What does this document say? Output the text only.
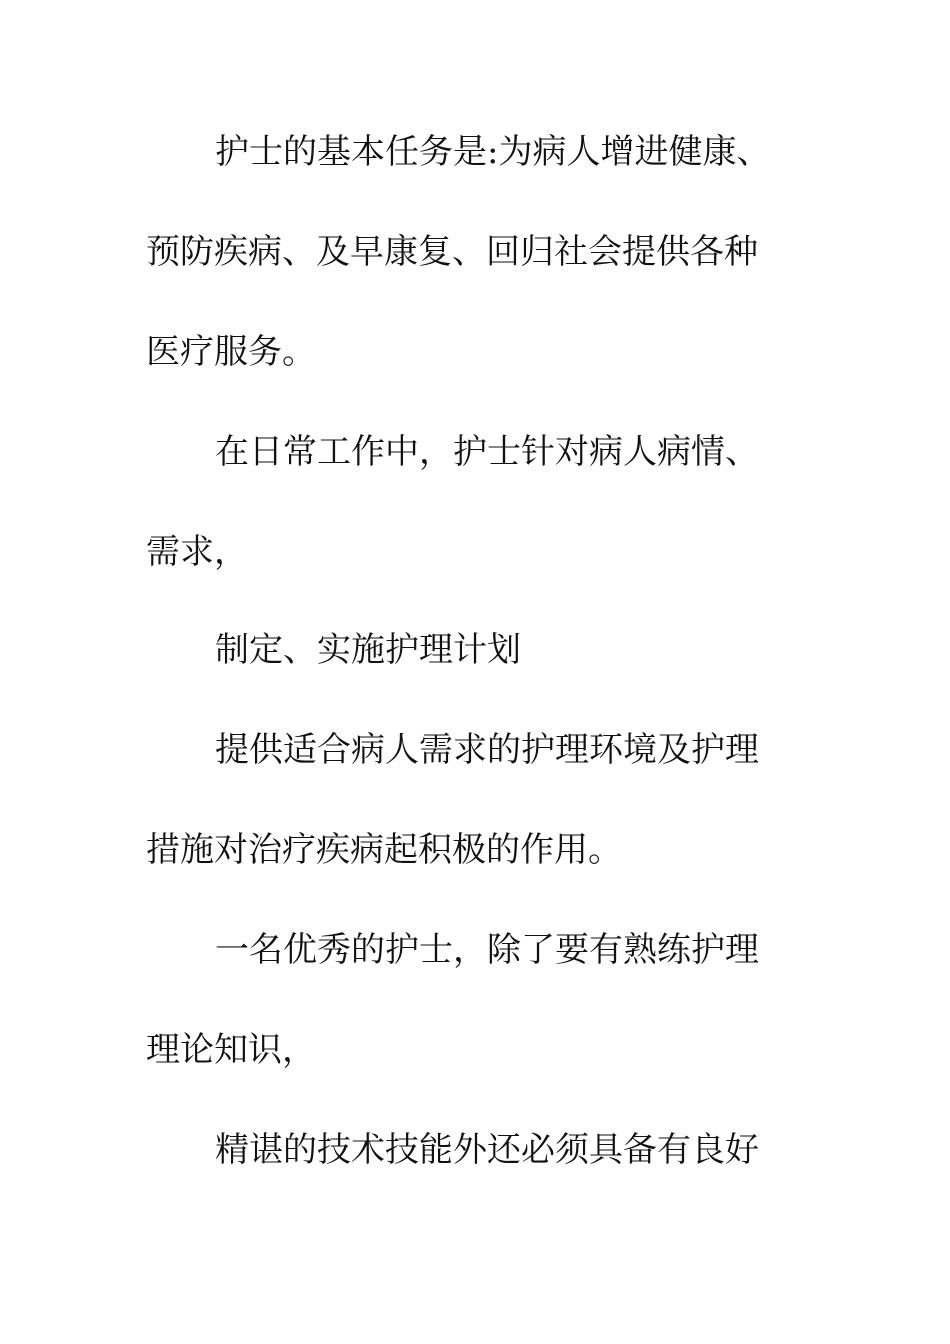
护士的基本任务是:为病人增进健康、
预防疾病、及早康复、回归社会提供各种
医疗服务。
在日常工作中，护士针对病人病情、
需求，
制定、实施护理计划
提供适合病人需求的护理环境及护理
措施对治疗疾病起积极的作用。
一名优秀的护士，除了要有熟练护理
理论知识，
精谌的技术技能外还必须具备有良好
